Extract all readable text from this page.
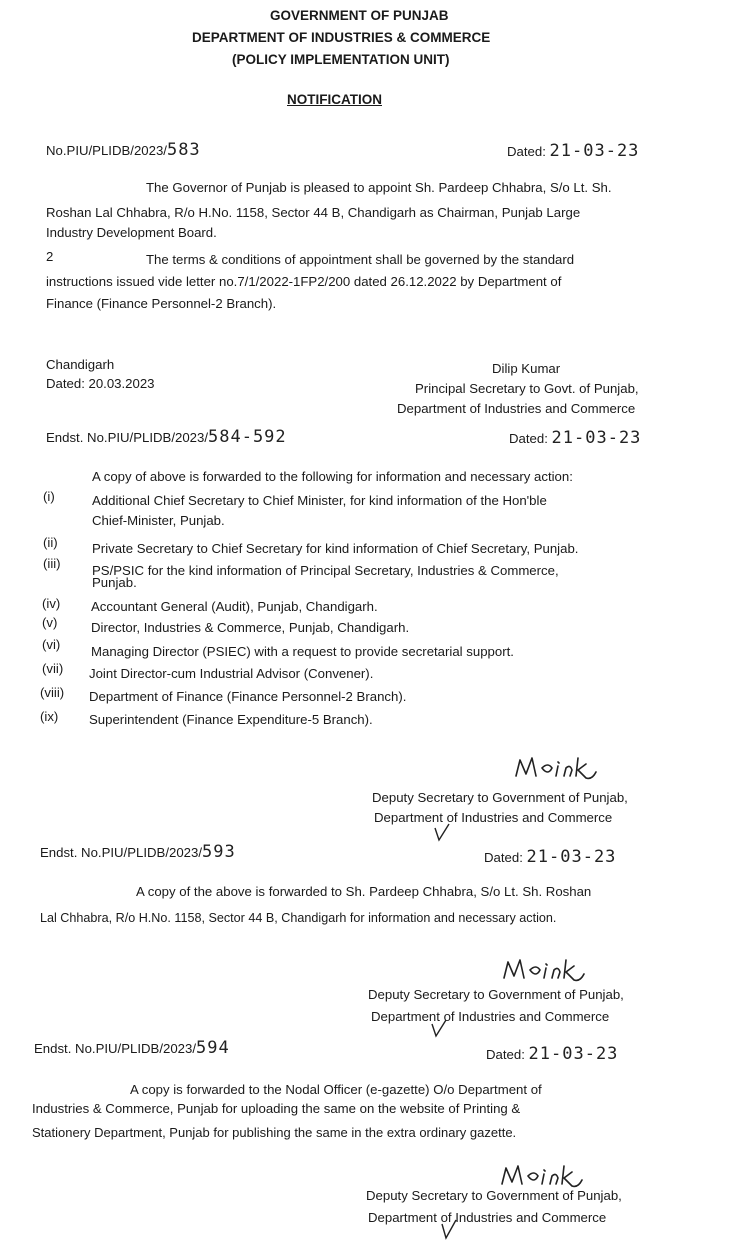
GOVERNMENT OF PUNJAB
DEPARTMENT OF INDUSTRIES & COMMERCE
(POLICY IMPLEMENTATION UNIT)
NOTIFICATION
No.PIU/PLIDB/2023/583	Dated: 21-03-23
The Governor of Punjab is pleased to appoint Sh. Pardeep Chhabra, S/o Lt. Sh.
Roshan Lal Chhabra, R/o H.No. 1158, Sector 44 B, Chandigarh as Chairman, Punjab Large
Industry Development Board.
2	The terms & conditions of appointment shall be governed by the standard
instructions issued vide letter no.7/1/2022-1FP2/200 dated 26.12.2022 by Department of
Finance (Finance Personnel-2 Branch).
Chandigarh
Dated: 20.03.2023
Dilip Kumar
Principal Secretary to Govt. of Punjab,
Department of Industries and Commerce
Endst. No.PIU/PLIDB/2023/584-592	Dated: 21-03-23
A copy of above is forwarded to the following for information and necessary action:
(i)	Additional Chief Secretary to Chief Minister, for kind information of the Hon'ble
Chief-Minister, Punjab.
(ii)	Private Secretary to Chief Secretary for kind information of Chief Secretary, Punjab.
(iii) PS/PSIC for the kind information of Principal Secretary, Industries & Commerce,
Punjab.
(iv) Accountant General (Audit), Punjab, Chandigarh.
(v)	Director, Industries & Commerce, Punjab, Chandigarh.
(vi) Managing Director (PSIEC) with a request to provide secretarial support.
(vii) Joint Director-cum Industrial Advisor (Convener).
(viii) Department of Finance (Finance Personnel-2 Branch).
(ix) Superintendent (Finance Expenditure-5 Branch).
Deputy Secretary to Government of Punjab,
Department of Industries and Commerce
Endst. No.PIU/PLIDB/2023/593	Dated: 21-03-23
A copy of the above is forwarded to Sh. Pardeep Chhabra, S/o Lt. Sh. Roshan
Lal Chhabra, R/o H.No. 1158, Sector 44 B, Chandigarh for information and necessary action.
Deputy Secretary to Government of Punjab,
Department of Industries and Commerce
Endst. No.PIU/PLIDB/2023/594	Dated: 21-03-23
A copy is forwarded to the Nodal Officer (e-gazette) O/o Department of
Industries & Commerce, Punjab for uploading the same on the website of Printing &
Stationery Department, Punjab for publishing the same in the extra ordinary gazette.
Deputy Secretary to Government of Punjab,
Department of Industries and Commerce
